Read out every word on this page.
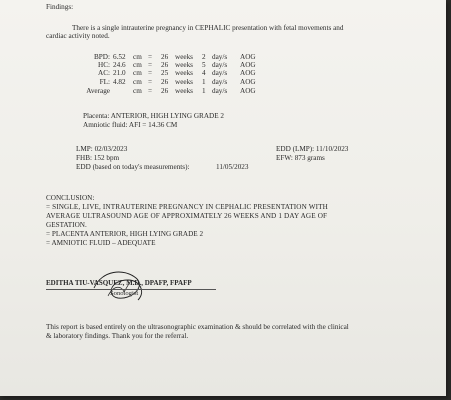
Findings:
There is a single intrauterine pregnancy in CEPHALIC presentation with fetal movements and
cardiac activity noted.
BPD: 6.52 cm = 26 weeks 2 day/s AOG
HC: 24.6 cm = 26 weeks 5 day/s AOG
AC: 21.0 cm = 25 weeks 4 day/s AOG
FL: 4.82 cm = 26 weeks 1 day/s AOG
Average	cm = 26 weeks 1 day/s AOG
Placenta: ANTERIOR, HIGH LYING GRADE 2
Amniotic fluid: AFI = 14.36 CM
LMP: 02/03/2023
FHB: 152 bpm
EDD (based on today's measurements):	11/05/2023
EDD (LMP): 11/10/2023
EFW: 873 grams
CONCLUSION:
= SINGLE, LIVE, INTRAUTERINE PREGNANCY IN CEPHALIC PRESENTATION WITH
AVERAGE ULTRASOUND AGE OF APPROXIMATELY 26 WEEKS AND 1 DAY AGE OF
GESTATION.
= PLACENTA ANTERIOR, HIGH LYING GRADE 2
= AMNIOTIC FLUID – ADEQUATE
EDITHA TIU-VASQUEZ, M.D., DPAFP, FPAFP
Sonologist
This report is based entirely on the ultrasonographic examination & should be correlated with the clinical
& laboratory findings. Thank you for the referral.
